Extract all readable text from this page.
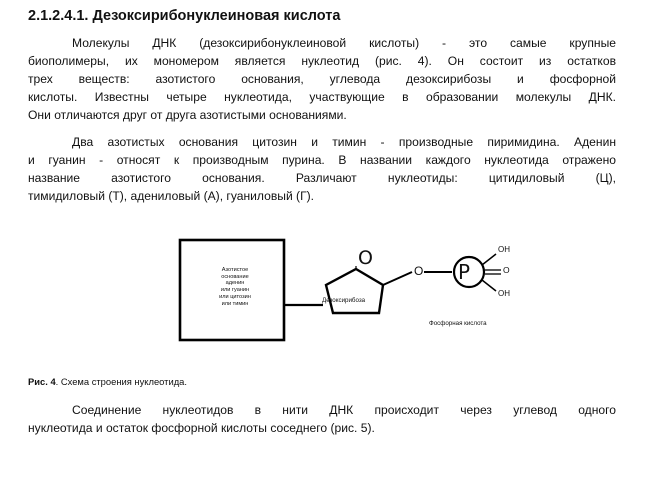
2.1.2.4.1. Дезоксирибонуклеиновая кислота
Молекулы ДНК (дезоксирибонуклеиновой кислоты) - это самые крупные
биополимеры, их мономером является нуклеотид (рис. 4). Он состоит из остатков
трех веществ: азотистого основания, углевода дезоксирибозы и фосфорной
кислоты. Известны четыре нуклеотида, участвующие в образовании молекулы ДНК.
Они отличаются друг от друга азотистыми основаниями.
Два азотистых основания цитозин и тимин - производные пиримидина. Аденин
и гуанин - относят к производным пурина. В названии каждого нуклеотида отражено
название азотистого основания. Различают нуклеотиды: цитидиловый (Ц),
тимидиловый (Т), адениловый (А), гуаниловый (Г).
Азотистое
основание
аденин
или гуанин
или цитозин
или тимин
O
Дезоксирибоза
O P
OH
O
OH
Фосфорная кислота
Рис. 4. Схема строения нуклеотида.
Соединение нуклеотидов в нити ДНК происходит через углевод одного
нуклеотида и остаток фосфорной кислоты соседнего (рис. 5).
